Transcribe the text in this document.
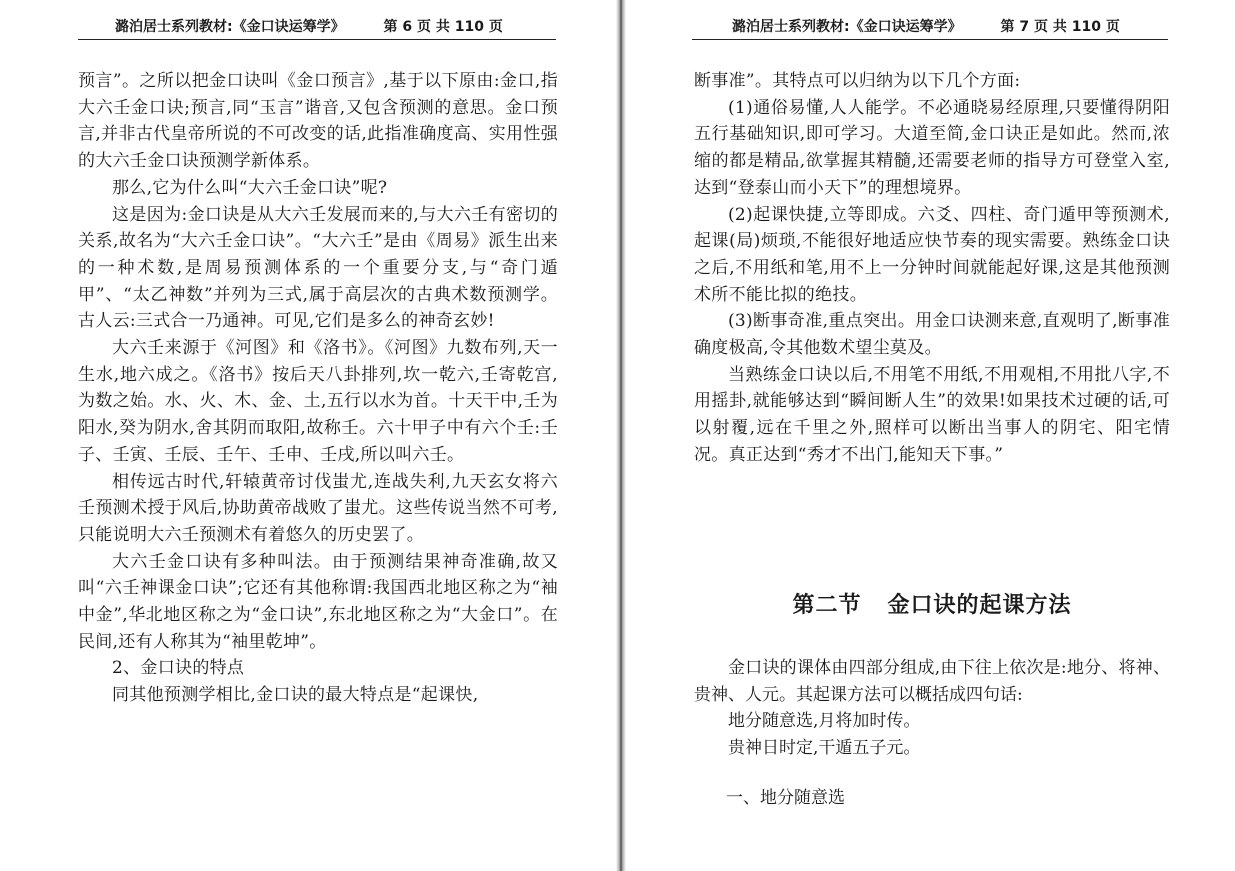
潞泊居士系列教材:《金口诀运筹学》	第 6 页 共 110 页

预言”。之所以把金口诀叫《金口预言》,基于以下原由:金口,指大六壬金口诀;预言,同“玉言”谐音,又包含预测的意思。金口预言,并非古代皇帝所说的不可改变的话,此指准确度高、实用性强的大六壬金口诀预测学新体系。

那么,它为什么叫“大六壬金口诀”呢?

这是因为:金口诀是从大六壬发展而来的,与大六壬有密切的关系,故名为“大六壬金口诀”。“大六壬”是由《周易》派生出来的一种术数,是周易预测体系的一个重要分支,与“奇门遁甲”、“太乙神数”并列为三式,属于高层次的古典术数预测学。古人云:三式合一乃通神。可见,它们是多么的神奇玄妙!

大六壬来源于《河图》和《洛书》。《河图》九数布列,天一生水,地六成之。《洛书》按后天八卦排列,坎一乾六,壬寄乾宫,为数之始。水、火、木、金、土,五行以水为首。十天干中,壬为阳水,癸为阴水,舍其阴而取阳,故称壬。六十甲子中有六个壬:壬子、壬寅、壬辰、壬午、壬申、壬戌,所以叫六壬。

相传远古时代,轩辕黄帝讨伐蚩尤,连战失利,九天玄女将六壬预测术授于风后,协助黄帝战败了蚩尤。这些传说当然不可考,只能说明大六壬预测术有着悠久的历史罢了。

大六壬金口诀有多种叫法。由于预测结果神奇准确,故又叫“六壬神课金口诀”;它还有其他称谓:我国西北地区称之为“袖中金”,华北地区称之为“金口诀”,东北地区称之为“大金口”。在民间,还有人称其为“袖里乾坤”。

2、金口诀的特点

同其他预测学相比,金口诀的最大特点是“起课快,

潞泊居士系列教材:《金口诀运筹学》	第 7 页 共 110 页

断事准”。其特点可以归纳为以下几个方面:

(1)通俗易懂,人人能学。不必通晓易经原理,只要懂得阴阳五行基础知识,即可学习。大道至简,金口诀正是如此。然而,浓缩的都是精品,欲掌握其精髓,还需要老师的指导方可登堂入室,达到“登泰山而小天下”的理想境界。

(2)起课快捷,立等即成。六爻、四柱、奇门遁甲等预测术,起课(局)烦琐,不能很好地适应快节奏的现实需要。熟练金口诀之后,不用纸和笔,用不上一分钟时间就能起好课,这是其他预测术所不能比拟的绝技。

(3)断事奇准,重点突出。用金口诀测来意,直观明了,断事准确度极高,令其他数术望尘莫及。

当熟练金口诀以后,不用笔不用纸,不用观相,不用批八字,不用摇卦,就能够达到“瞬间断人生”的效果!如果技术过硬的话,可以射覆,远在千里之外,照样可以断出当事人的阴宅、阳宅情况。真正达到“秀才不出门,能知天下事。”

第二节 金口诀的起课方法

金口诀的课体由四部分组成,由下往上依次是:地分、将神、贵神、人元。其起课方法可以概括成四句话:

地分随意选,月将加时传。

贵神日时定,干遁五子元。

一、地分随意选
